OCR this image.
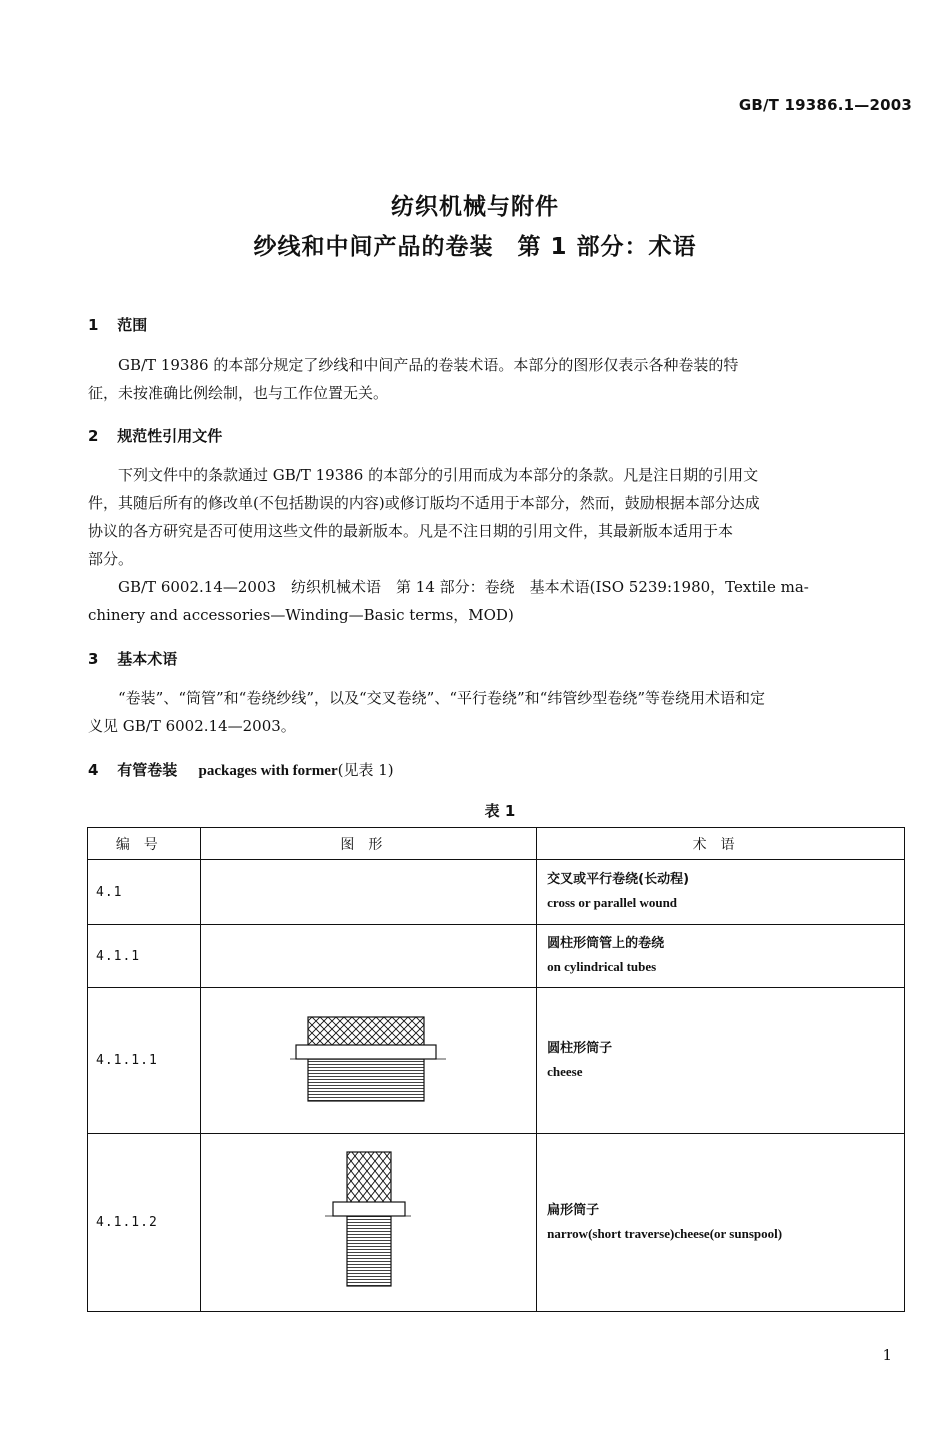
GB/T 19386.1—2003
纺织机械与附件
纱线和中间产品的卷装　第 1 部分：术语
1 范围
GB/T 19386 的本部分规定了纱线和中间产品的卷装术语。本部分的图形仅表示各种卷装的特
征，未按准确比例绘制，也与工作位置无关。
2 规范性引用文件
下列文件中的条款通过 GB/T 19386 的本部分的引用而成为本部分的条款。凡是注日期的引用文
件，其随后所有的修改单(不包括勘误的内容)或修订版均不适用于本部分，然而，鼓励根据本部分达成
协议的各方研究是否可使用这些文件的最新版本。凡是不注日期的引用文件，其最新版本适用于本
部分。
GB/T 6002.14—2003　纺织机械术语　第 14 部分：卷绕　基本术语(ISO 5239:1980，Textile ma-
chinery and accessories—Winding—Basic terms，MOD)
3 基本术语
“卷装”、“筒管”和“卷绕纱线”，以及“交叉卷绕”、“平行卷绕”和“纬管纱型卷绕”等卷绕用术语和定
义见 GB/T 6002.14—2003。
4 有管卷装 packages with former(见表 1)
表 1
编号	图形	术语
4.1		交叉或平行卷绕(长动程)
cross or parallel wound

4.1.1		圆柱形筒管上的卷绕
on cylindrical tubes

4.1.1.1		圆柱形筒子
cheese

4.1.1.2		扁形筒子
narrow(short traverse)cheese(or sunspool)
1
